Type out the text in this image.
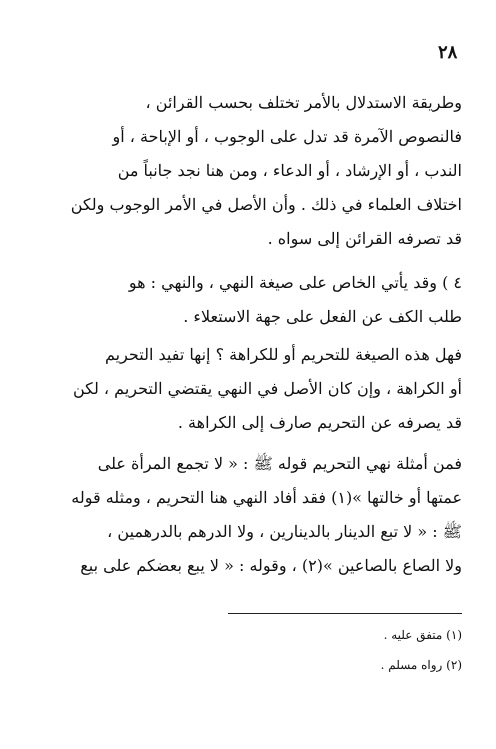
٢٨
وطريقة الاستدلال بالأمر تختلف بحسب القرائن ،
فالنصوص الآمرة قد تدل على الوجوب ، أو الإباحة ، أو
الندب ، أو الإرشاد ، أو الدعاء ، ومن هنا نجد جانباً من
اختلاف العلماء في ذلك . وأن الأصل في الأمر الوجوب ولكن
قد تصرفه القرائن إلى سواه .
٤ ) وقد يأتي الخاص على صيغة النهي ، والنهي : هو
طلب الكف عن الفعل على جهة الاستعلاء .
فهل هذه الصيغة للتحريم أو للكراهة ؟ إنها تفيد التحريم
أو الكراهة ، وإن كان الأصل في النهي يقتضي التحريم ، لكن
قد يصرفه عن التحريم صارف إلى الكراهة .
فمن أمثلة نهي التحريم قوله ﷺ : « لا تجمع المرأة على
عمتها أو خالتها »(١) فقد أفاد النهي هنا التحريم ، ومثله قوله
ﷺ : « لا تبع الدينار بالدينارين ، ولا الدرهم بالدرهمين ،
ولا الصاع بالصاعين »(٢) ، وقوله : « لا يبع بعضكم على بيع
(١) متفق عليه .
(٢) رواه مسلم .
